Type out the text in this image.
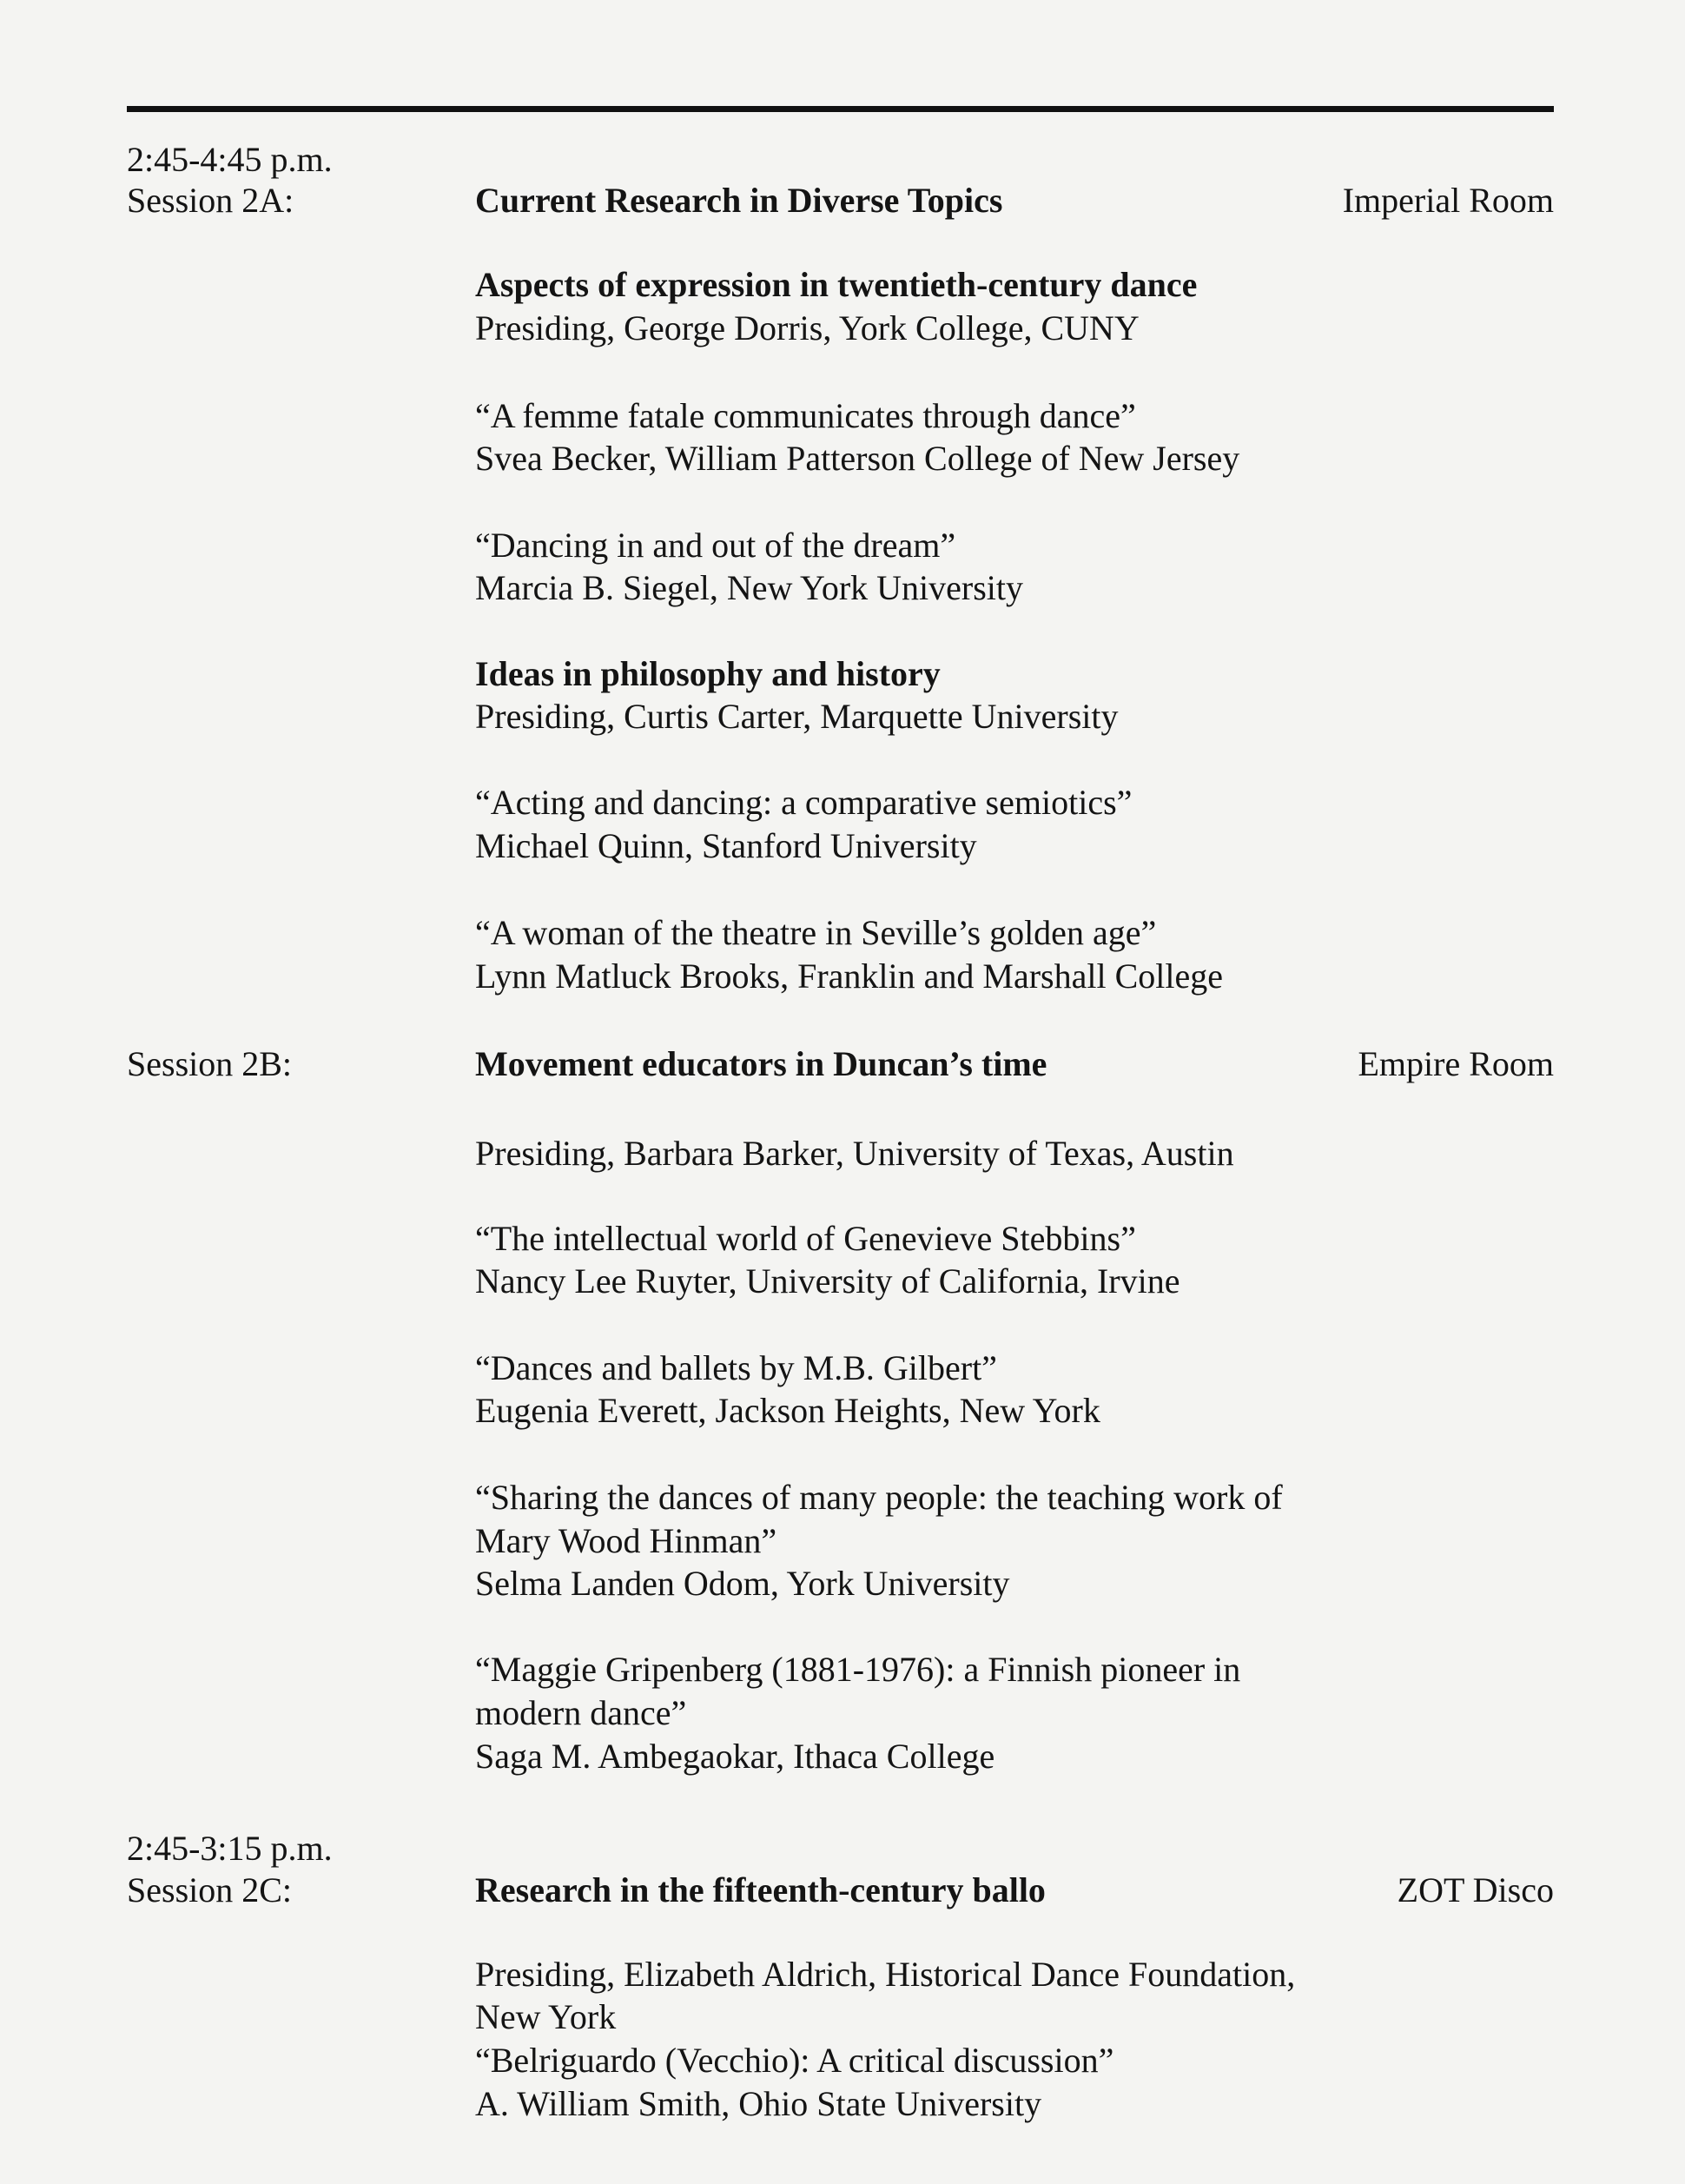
2:45-4:45 p.m.
Session 2A:	Current Research in Diverse Topics	Imperial Room
Aspects of expression in twentieth-century dance
Presiding, George Dorris, York College, CUNY
“A femme fatale communicates through dance”
Svea Becker, William Patterson College of New Jersey
“Dancing in and out of the dream”
Marcia B. Siegel, New York University
Ideas in philosophy and history
Presiding, Curtis Carter, Marquette University
“Acting and dancing: a comparative semiotics”
Michael Quinn, Stanford University
“A woman of the theatre in Seville’s golden age”
Lynn Matluck Brooks, Franklin and Marshall College
Session 2B:	Movement educators in Duncan’s time	Empire Room
Presiding, Barbara Barker, University of Texas, Austin
“The intellectual world of Genevieve Stebbins”
Nancy Lee Ruyter, University of California, Irvine
“Dances and ballets by M.B. Gilbert”
Eugenia Everett, Jackson Heights, New York
“Sharing the dances of many people: the teaching work of
Mary Wood Hinman”
Selma Landen Odom, York University
“Maggie Gripenberg (1881-1976): a Finnish pioneer in
modern dance”
Saga M. Ambegaokar, Ithaca College
2:45-3:15 p.m.
Session 2C:	Research in the fifteenth-century ballo	ZOT Disco
Presiding, Elizabeth Aldrich, Historical Dance Foundation,
New York
“Belriguardo (Vecchio): A critical discussion”
A. William Smith, Ohio State University
